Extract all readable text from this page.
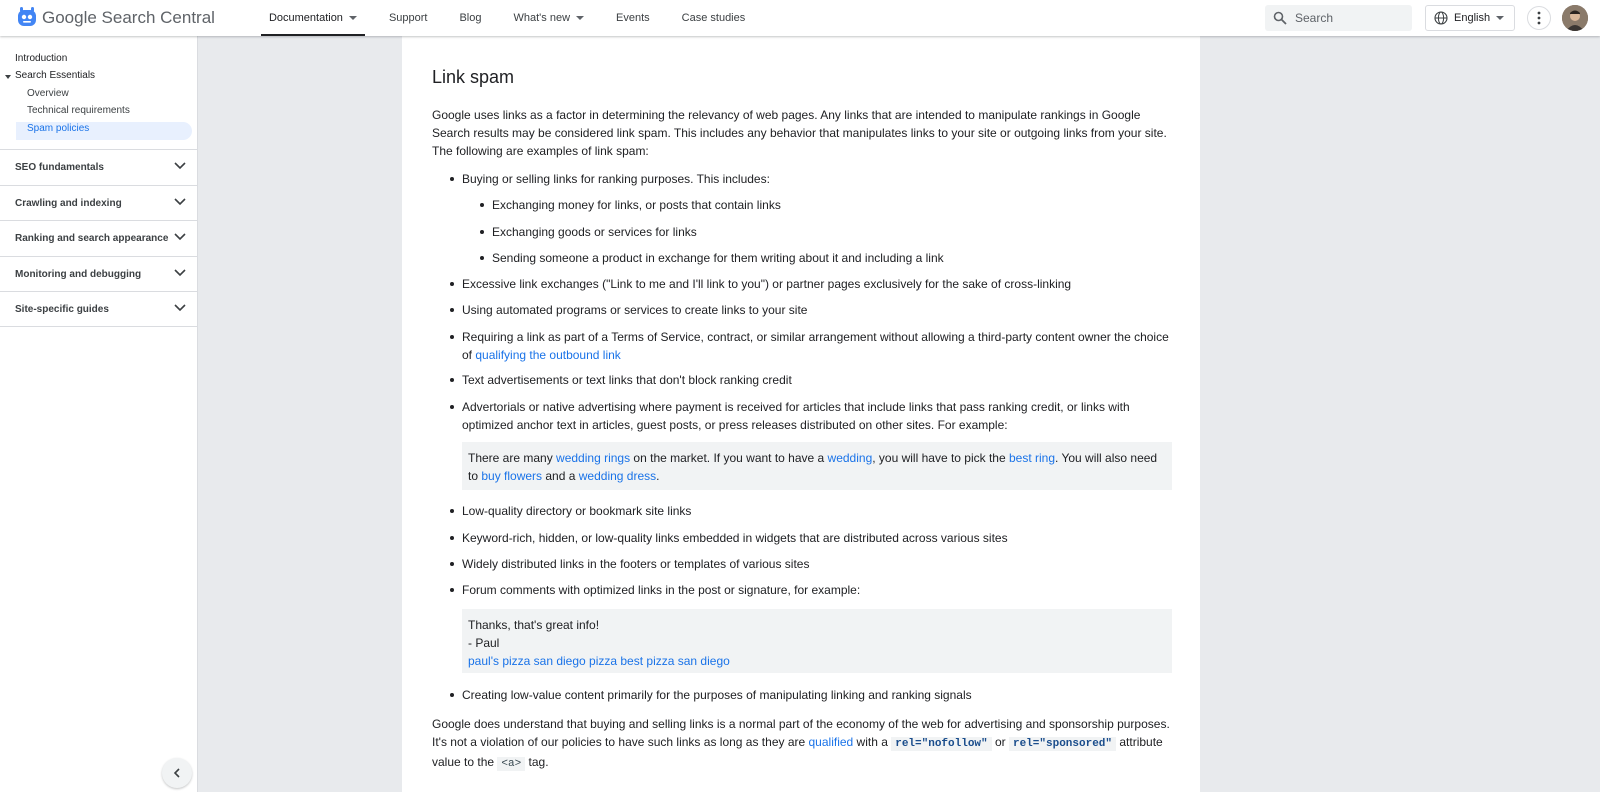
Google Search Central	Documentation	Support	Blog	What's new	Events	Case studies
Search	English
Introduction
Search Essentials
Overview
Technical requirements
Spam policies
SEO fundamentals
Crawling and indexing
Ranking and search appearance
Monitoring and debugging
Site-specific guides
Link spam
Google uses links as a factor in determining the relevancy of web pages. Any links that are intended to manipulate rankings in Google Search results may be considered link spam. This includes any behavior that manipulates links to your site or outgoing links from your site. The following are examples of link spam:
Buying or selling links for ranking purposes. This includes:
Exchanging money for links, or posts that contain links
Exchanging goods or services for links
Sending someone a product in exchange for them writing about it and including a link
Excessive link exchanges ("Link to me and I'll link to you") or partner pages exclusively for the sake of cross-linking
Using automated programs or services to create links to your site
Requiring a link as part of a Terms of Service, contract, or similar arrangement without allowing a third-party content owner the choice of qualifying the outbound link
Text advertisements or text links that don't block ranking credit
Advertorials or native advertising where payment is received for articles that include links that pass ranking credit, or links with optimized anchor text in articles, guest posts, or press releases distributed on other sites. For example:
There are many wedding rings on the market. If you want to have a wedding, you will have to pick the best ring. You will also need to buy flowers and a wedding dress.
Low-quality directory or bookmark site links
Keyword-rich, hidden, or low-quality links embedded in widgets that are distributed across various sites
Widely distributed links in the footers or templates of various sites
Forum comments with optimized links in the post or signature, for example:
Thanks, that's great info!
- Paul
paul's pizza san diego pizza best pizza san diego
Creating low-value content primarily for the purposes of manipulating linking and ranking signals
Google does understand that buying and selling links is a normal part of the economy of the web for advertising and sponsorship purposes. It's not a violation of our policies to have such links as long as they are qualified with a rel="nofollow" or rel="sponsored" attribute value to the <a> tag.
